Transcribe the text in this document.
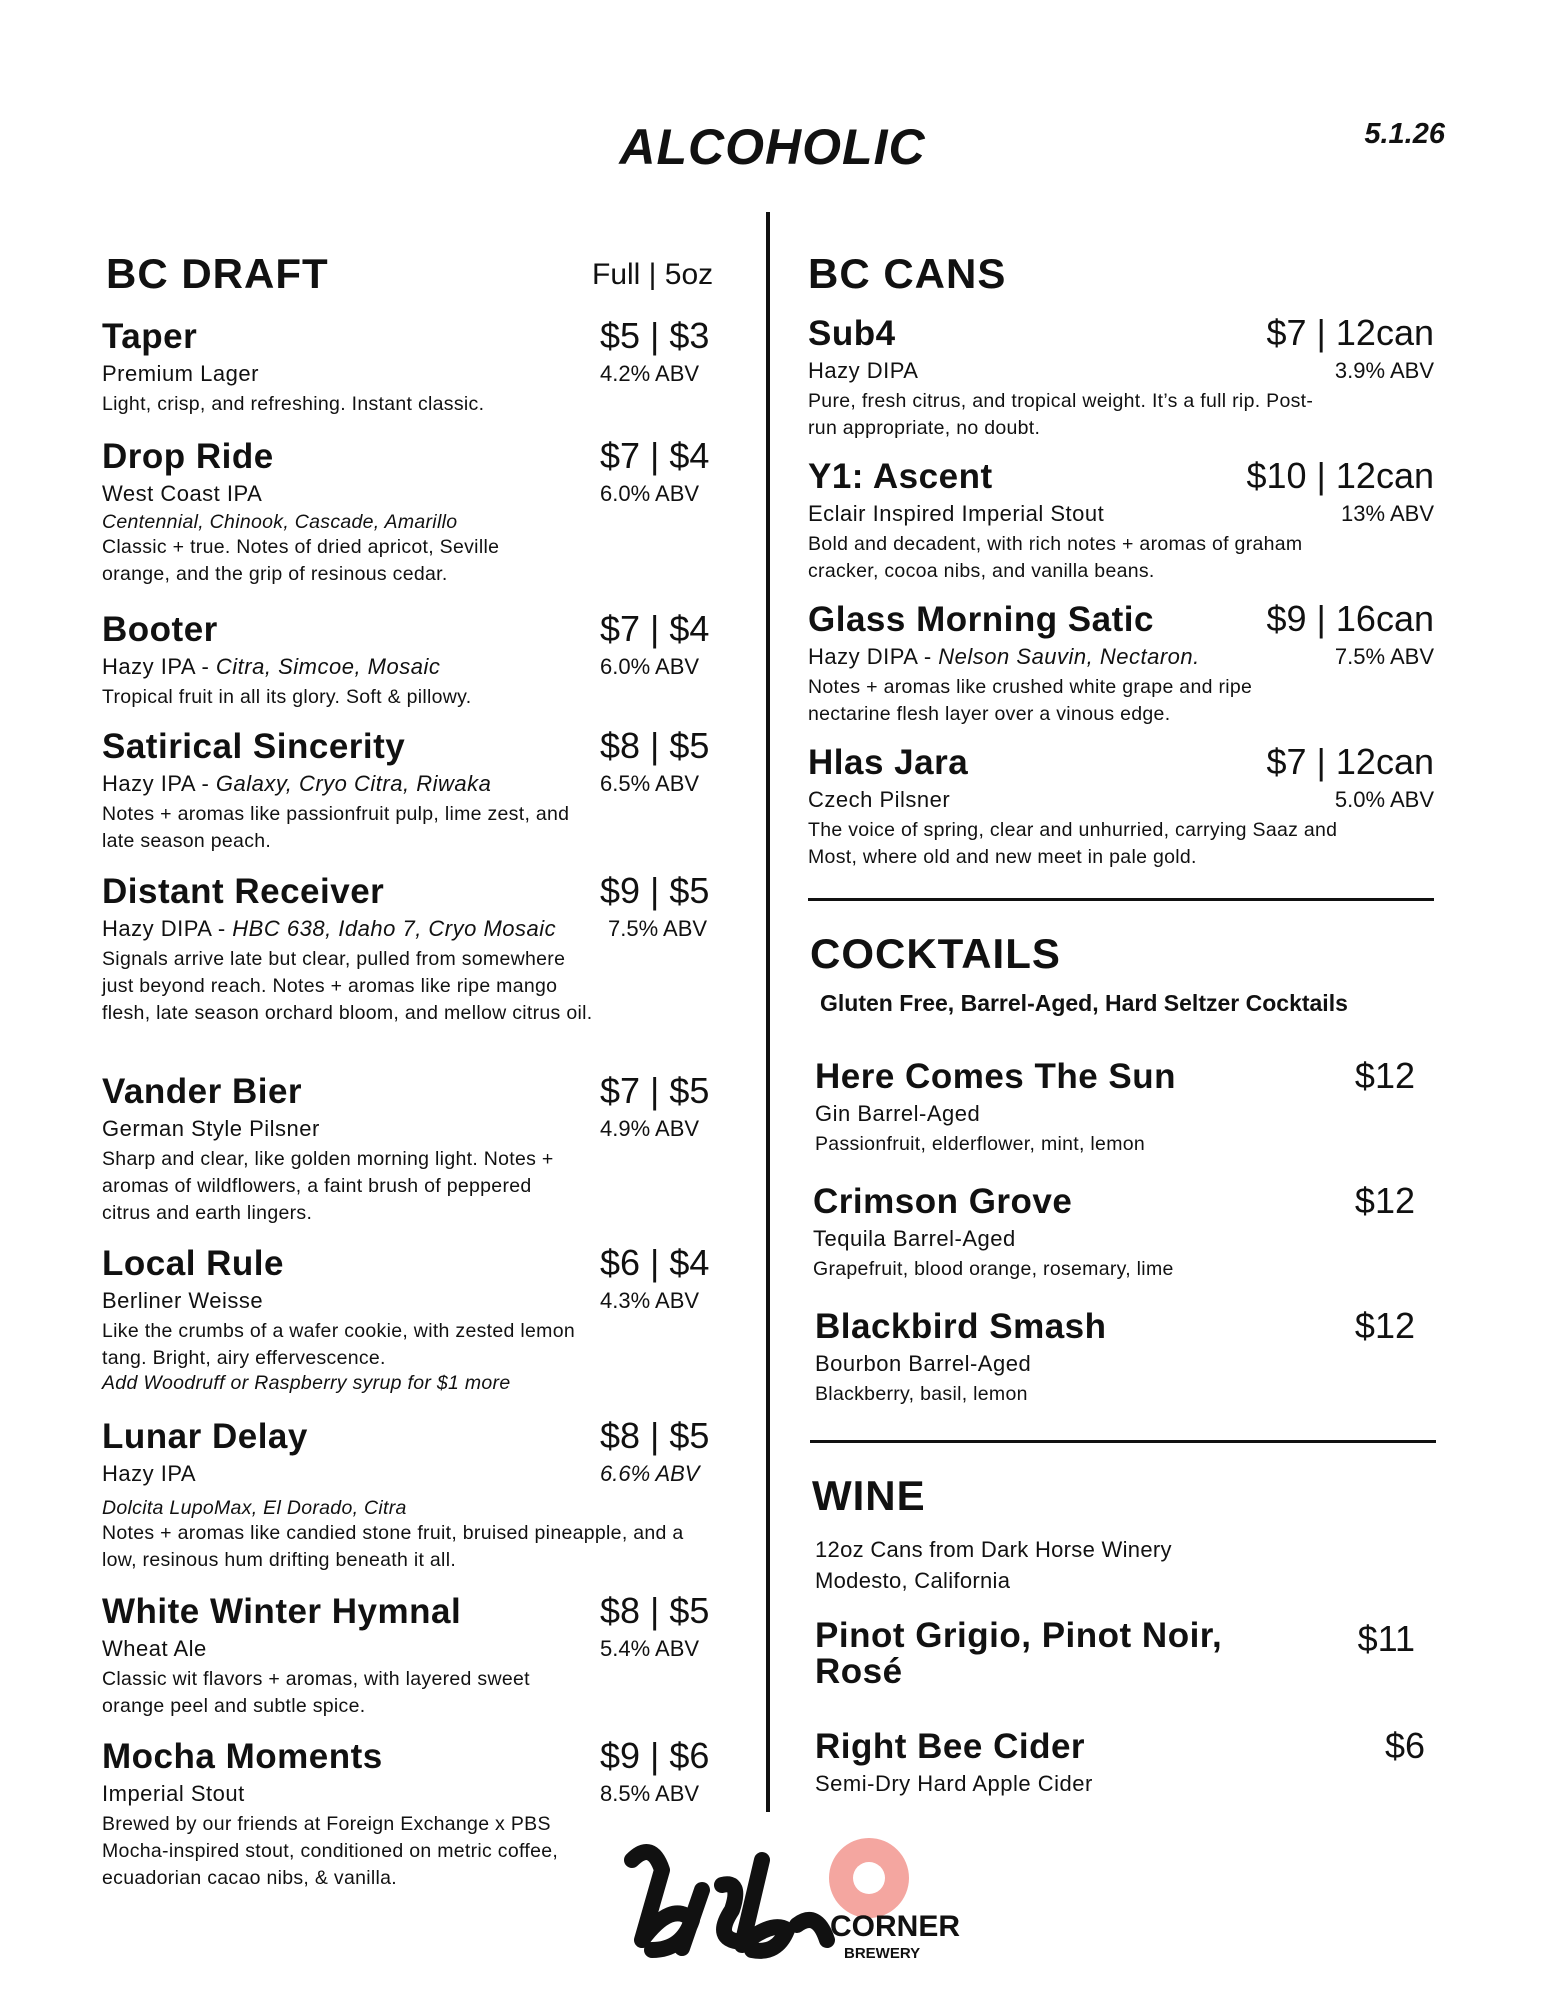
ALCOHOLIC	5.1.26
BC DRAFT	Full | 5oz
Taper	$5 | $3
Premium Lager	4.2% ABV
Light, crisp, and refreshing. Instant classic.
Drop Ride	$7 | $4
West Coast IPA	6.0% ABV
Centennial, Chinook, Cascade, Amarillo
Classic + true. Notes of dried apricot, Seville orange, and the grip of resinous cedar.
Booter	$7 | $4
Hazy IPA - Citra, Simcoe, Mosaic	6.0% ABV
Tropical fruit in all its glory. Soft & pillowy.
Satirical Sincerity	$8 | $5
Hazy IPA - Galaxy, Cryo Citra, Riwaka	6.5% ABV
Notes + aromas like passionfruit pulp, lime zest, and late season peach.
Distant Receiver	$9 | $5
Hazy DIPA - HBC 638, Idaho 7, Cryo Mosaic 7.5% ABV
Signals arrive late but clear, pulled from somewhere just beyond reach. Notes + aromas like ripe mango flesh, late season orchard bloom, and mellow citrus oil.
Vander Bier	$7 | $5
German Style Pilsner	4.9% ABV
Sharp and clear, like golden morning light. Notes + aromas of wildflowers, a faint brush of peppered citrus and earth lingers.
Local Rule	$6 | $4
Berliner Weisse	4.3% ABV
Like the crumbs of a wafer cookie, with zested lemon tang. Bright, airy effervescence.
Add Woodruff or Raspberry syrup for $1 more
Lunar Delay	$8 | $5
Hazy IPA	6.6% ABV
Dolcita LupoMax, El Dorado, Citra
Notes + aromas like candied stone fruit, bruised pineapple, and a low, resinous hum drifting beneath it all.
White Winter Hymnal	$8 | $5
Wheat Ale	5.4% ABV
Classic wit flavors + aromas, with layered sweet orange peel and subtle spice.
Mocha Moments	$9 | $6
Imperial Stout	8.5% ABV
Brewed by our friends at Foreign Exchange x PBS Mocha-inspired stout, conditioned on metric coffee, ecuadorian cacao nibs, & vanilla.
BC CANS
Sub4	$7 | 12can
Hazy DIPA	3.9% ABV
Pure, fresh citrus, and tropical weight. It’s a full rip. Post-run appropriate, no doubt.
Y1: Ascent	$10 | 12can
Eclair Inspired Imperial Stout	13% ABV
Bold and decadent, with rich notes + aromas of graham cracker, cocoa nibs, and vanilla beans.
Glass Morning Satic	$9 | 16can
Hazy DIPA - Nelson Sauvin, Nectaron.	7.5% ABV
Notes + aromas like crushed white grape and ripe nectarine flesh layer over a vinous edge.
Hlas Jara	$7 | 12can
Czech Pilsner	5.0% ABV
The voice of spring, clear and unhurried, carrying Saaz and Most, where old and new meet in pale gold.
COCKTAILS
Gluten Free, Barrel-Aged, Hard Seltzer Cocktails
Here Comes The Sun	$12
Gin Barrel-Aged
Passionfruit, elderflower, mint, lemon
Crimson Grove	$12
Tequila Barrel-Aged
Grapefruit, blood orange, rosemary, lime
Blackbird Smash	$12
Bourbon Barrel-Aged
Blackberry, basil, lemon
WINE
12oz Cans from Dark Horse Winery
Modesto, California
Pinot Grigio, Pinot Noir,
Rosé
$11
Right Bee Cider	$6
Semi-Dry Hard Apple Cider
CORNER
BREWERY
